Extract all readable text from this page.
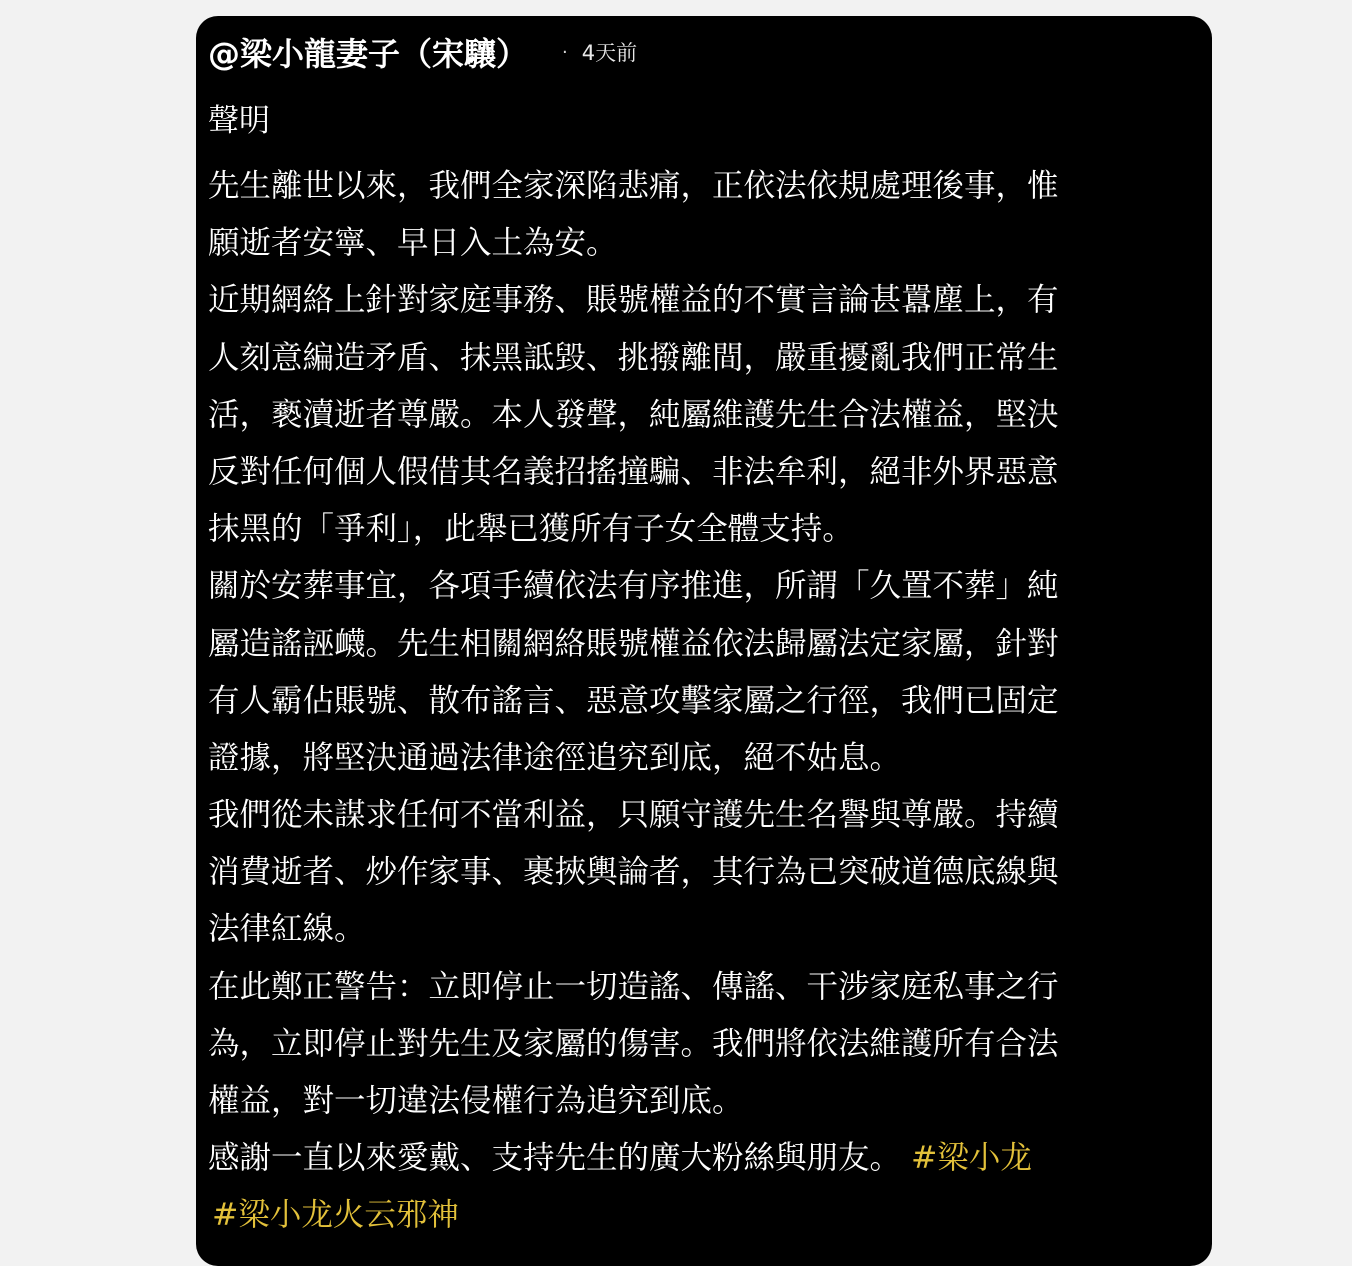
@梁小龍妻子（宋驤） · 4天前
聲明
先生離世以來，我們全家深陷悲痛，正依法依規處理後事，惟
願逝者安寧、早日入土為安。
近期網絡上針對家庭事務、賬號權益的不實言論甚囂塵上，有
人刻意編造矛盾、抹黑詆毀、挑撥離間，嚴重擾亂我們正常生
活，褻瀆逝者尊嚴。本人發聲，純屬維護先生合法權益，堅決
反對任何個人假借其名義招搖撞騙、非法牟利，絕非外界惡意
抹黑的「爭利」，此舉已獲所有子女全體支持。
關於安葬事宜，各項手續依法有序推進，所謂「久置不葬」純
屬造謠誣衊。先生相關網絡賬號權益依法歸屬法定家屬，針對
有人霸佔賬號、散布謠言、惡意攻擊家屬之行徑，我們已固定
證據，將堅決通過法律途徑追究到底，絕不姑息。
我們從未謀求任何不當利益，只願守護先生名譽與尊嚴。持續
消費逝者、炒作家事、裹挾輿論者，其行為已突破道德底線與
法律紅線。
在此鄭正警告：立即停止一切造謠、傳謠、干涉家庭私事之行
為，立即停止對先生及家屬的傷害。我們將依法維護所有合法
權益，對一切違法侵權行為追究到底。
感謝一直以來愛戴、支持先生的廣大粉絲與朋友。 #梁小龙
#梁小龙火云邪神
